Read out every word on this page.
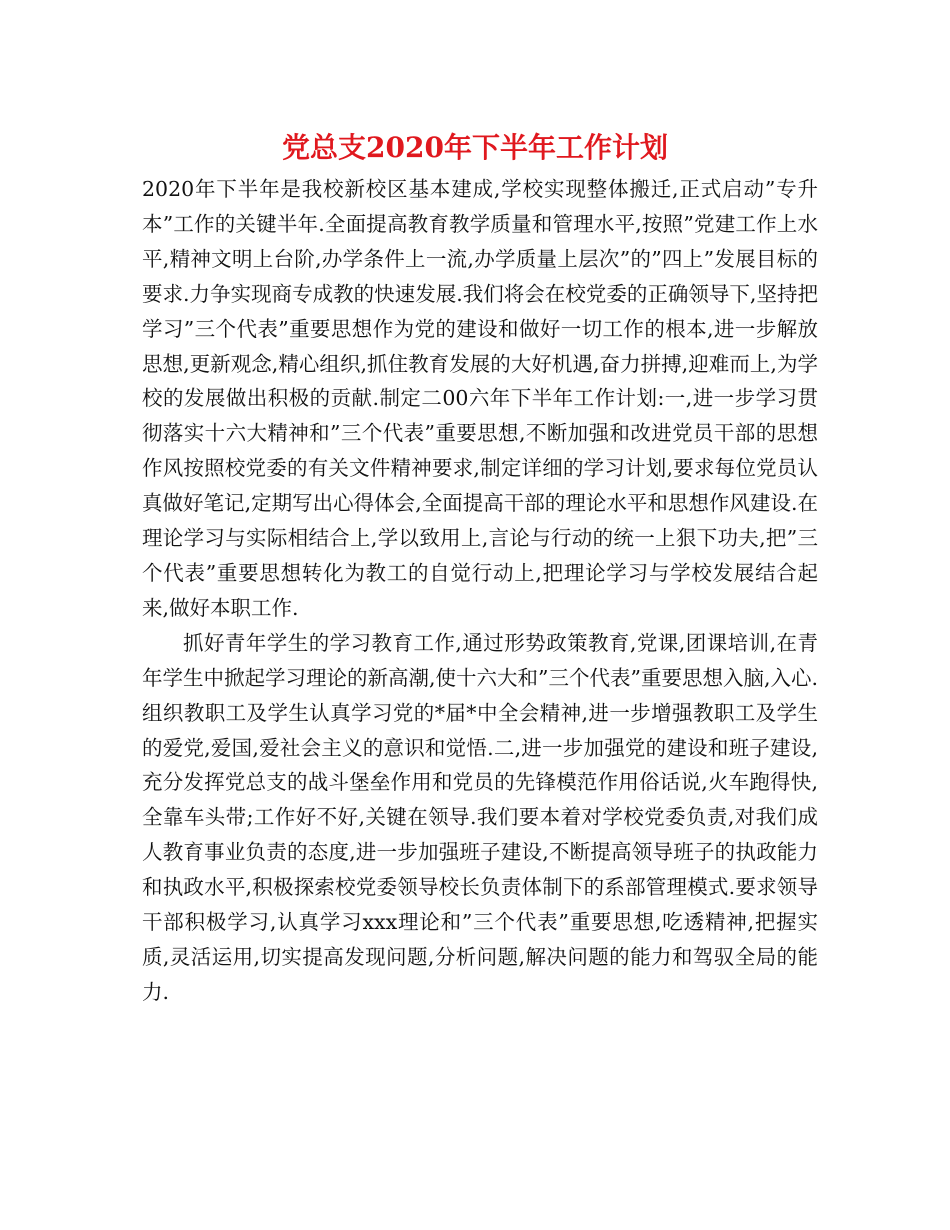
党总支2020年下半年工作计划

2020年下半年是我校新校区基本建成,学校实现整体搬迁,正式启动”专升本”工作的关键半年.全面提高教育教学质量和管理水平,按照”党建工作上水平,精神文明上台阶,办学条件上一流,办学质量上层次”的”四上”发展目标的要求.力争实现商专成教的快速发展.我们将会在校党委的正确领导下,坚持把学习”三个代表”重要思想作为党的建设和做好一切工作的根本,进一步解放思想,更新观念,精心组织,抓住教育发展的大好机遇,奋力拼搏,迎难而上,为学校的发展做出积极的贡献.制定二00六年下半年工作计划:一,进一步学习贯彻落实十六大精神和”三个代表”重要思想,不断加强和改进党员干部的思想作风按照校党委的有关文件精神要求,制定详细的学习计划,要求每位党员认真做好笔记,定期写出心得体会,全面提高干部的理论水平和思想作风建设.在理论学习与实际相结合上,学以致用上,言论与行动的统一上狠下功夫,把”三个代表”重要思想转化为教工的自觉行动上,把理论学习与学校发展结合起来,做好本职工作.

抓好青年学生的学习教育工作,通过形势政策教育,党课,团课培训,在青年学生中掀起学习理论的新高潮,使十六大和”三个代表”重要思想入脑,入心.组织教职工及学生认真学习党的*届*中全会精神,进一步增强教职工及学生的爱党,爱国,爱社会主义的意识和觉悟.二,进一步加强党的建设和班子建设,充分发挥党总支的战斗堡垒作用和党员的先锋模范作用俗话说,火车跑得快,全靠车头带;工作好不好,关键在领导.我们要本着对学校党委负责,对我们成人教育事业负责的态度,进一步加强班子建设,不断提高领导班子的执政能力和执政水平,积极探索校党委领导校长负责体制下的系部管理模式.要求领导干部积极学习,认真学习xxx理论和”三个代表”重要思想,吃透精神,把握实质,灵活运用,切实提高发现问题,分析问题,解决问题的能力和驾驭全局的能力.
